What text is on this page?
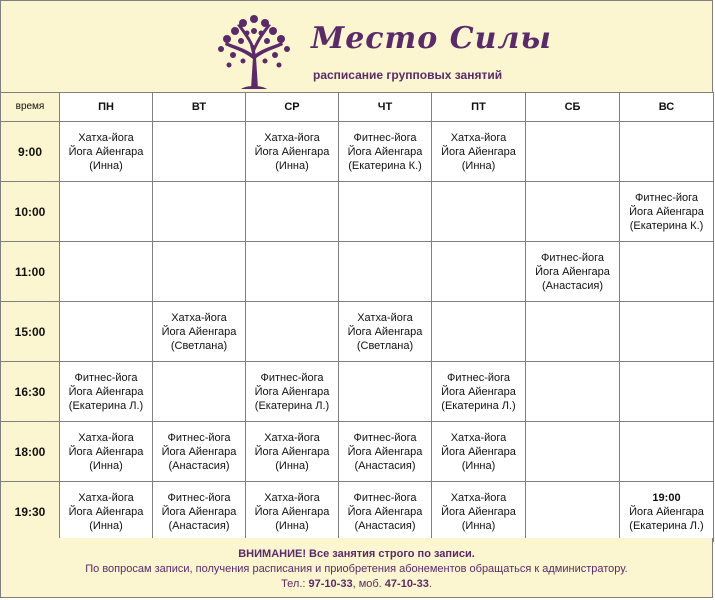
Место Силы
расписание групповых занятий
время	ПН	ВТ	СР	ЧТ	ПТ	СБ	ВС
9:00	Хатха-йога
Йога Айенгара
(Инна)		Хатха-йога
Йога Айенгара
(Инна)	Фитнес-йога
Йога Айенгара
(Екатерина К.)	Хатха-йога
Йога Айенгара
(Инна)		

10:00							Фитнес-йога
Йога Айенгара
(Екатерина К.)

11:00						Фитнес-йога
Йога Айенгара
(Анастасия)	

15:00		Хатха-йога
Йога Айенгара
(Светлана)		Хатха-йога
Йога Айенгара
(Светлана)			

16:30	Фитнес-йога
Йога Айенгара
(Екатерина Л.)		Фитнес-йога
Йога Айенгара
(Екатерина Л.)		Фитнес-йога
Йога Айенгара
(Екатерина Л.)		

18:00	Хатха-йога
Йога Айенгара
(Инна)	Фитнес-йога
Йога Айенгара
(Анастасия)	Хатха-йога
Йога Айенгара
(Инна)	Фитнес-йога
Йога Айенгара
(Анастасия)	Хатха-йога
Йога Айенгара
(Инна)		

19:30	Хатха-йога
Йога Айенгара
(Инна)	Фитнес-йога
Йога Айенгара
(Анастасия)	Хатха-йога
Йога Айенгара
(Инна)	Фитнес-йога
Йога Айенгара
(Анастасия)	Хатха-йога
Йога Айенгара
(Инна)		19:00
Йога Айенгара
(Екатерина Л.)
ВНИМАНИЕ! Все занятия строго по записи.
По вопросам записи, получения расписания и приобретения абонементов обращаться к администратору.
Тел.: 97-10-33, моб. 47-10-33.
